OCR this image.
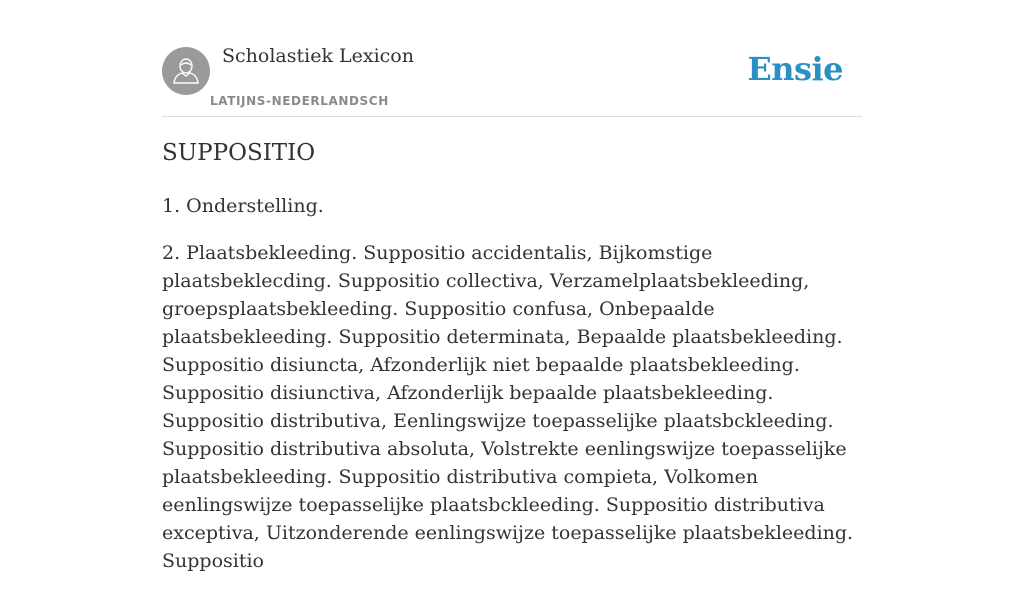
Scholastiek Lexicon
LATIJNS-NEDERLANDSCH
Ensie
SUPPOSITIO

1. Onderstelling.

2. Plaatsbekleeding. Suppositio accidentalis, Bijkomstige plaatsbeklecding. Suppositio collectiva, Verzamelplaatsbekleeding, groepsplaatsbekleeding. Suppositio confusa, Onbepaalde plaatsbekleeding. Suppositio determinata, Bepaalde plaatsbekleeding. Suppositio disiuncta, Afzonderlijk niet bepaalde plaatsbekleeding. Suppositio disiunctiva, Afzonderlijk bepaalde plaatsbekleeding. Suppositio distributiva, Eenlingswijze toepasselijke plaatsbckleeding. Suppositio distributiva absoluta, Volstrekte eenlingswijze toepasselijke plaatsbekleeding. Suppositio distributiva compieta, Volkomen eenlingswijze toepasselijke plaatsbckleeding. Suppositio distributiva exceptiva, Uitzonderende eenlingswijze toepasselijke plaatsbekleeding. Suppositio
